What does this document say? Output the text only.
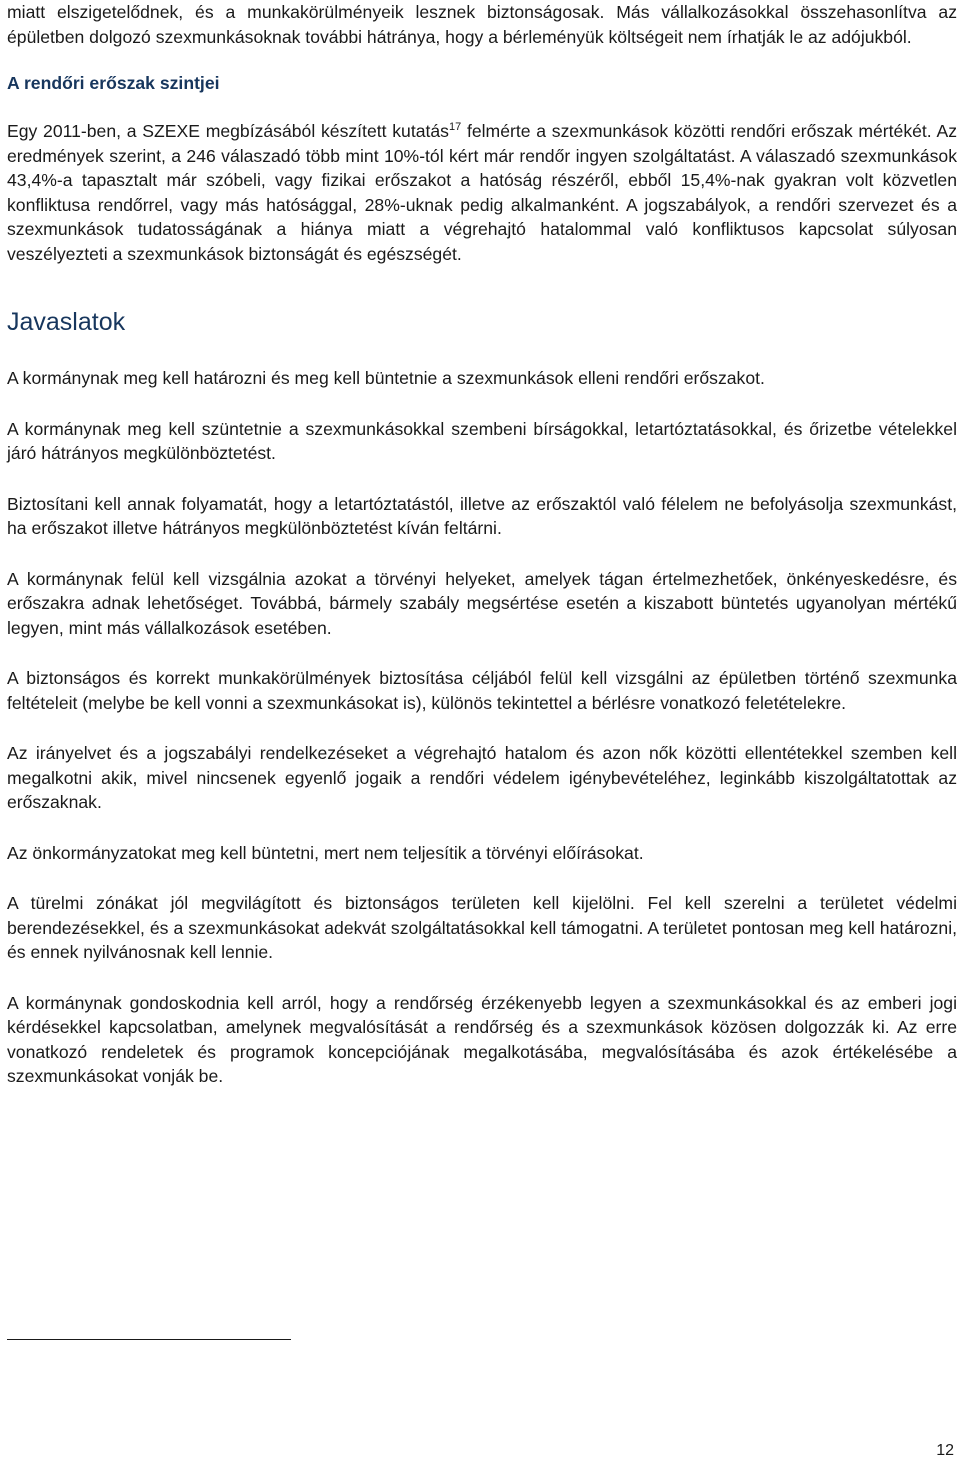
miatt elszigetelődnek, és a munkakörülményeik lesznek biztonságosak. Más vállalkozásokkal összehasonlítva az épületben dolgozó szexmunkásoknak további hátránya, hogy a bérleményük költségeit nem írhatják le az adójukból.

A rendőri erőszak szintjei

Egy 2011-ben, a SZEXE megbízásából készített kutatás$^{17}$ felmérte a szexmunkások közötti rendőri erőszak mértékét. Az eredmények szerint, a 246 válaszadó több mint 10%-tól kért már rendőr ingyen szolgáltatást. A válaszadó szexmunkások 43,4%-a tapasztalt már szóbeli, vagy fizikai erőszakot a hatóság részéről, ebből 15,4%-nak gyakran volt közvetlen konfliktusa rendőrrel, vagy más hatósággal, 28%-uknak pedig alkalmanként. A jogszabályok, a rendőri szervezet és a szexmunkások tudatosságának a hiánya miatt a végrehajtó hatalommal való konfliktusos kapcsolat súlyosan veszélyezteti a szexmunkások biztonságát és egészségét.

Javaslatok

A kormánynak meg kell határozni és meg kell büntetnie a szexmunkások elleni rendőri erőszakot.

A kormánynak meg kell szüntetnie a szexmunkásokkal szembeni bírságokkal, letartóztatásokkal, és őrizetbe vételekkel járó hátrányos megkülönböztetést.

Biztosítani kell annak folyamatát, hogy a letartóztatástól, illetve az erőszaktól való félelem ne befolyásolja szexmunkást, ha erőszakot illetve hátrányos megkülönböztetést kíván feltárni.

A kormánynak felül kell vizsgálnia azokat a törvényi helyeket, amelyek tágan értelmezhetőek, önkényeskedésre, és erőszakra adnak lehetőséget. Továbbá, bármely szabály megsértése esetén a kiszabott büntetés ugyanolyan mértékű legyen, mint más vállalkozások esetében.

A biztonságos és korrekt munkakörülmények biztosítása céljából felül kell vizsgálni az épületben történő szexmunka feltételeit (melybe be kell vonni a szexmunkásokat is), különös tekintettel a bérlésre vonatkozó feletételekre.

Az irányelvet és a jogszabályi rendelkezéseket a végrehajtó hatalom és azon nők közötti ellentétekkel szemben kell megalkotni akik, mivel nincsenek egyenlő jogaik a rendőri védelem igénybevételéhez, leginkább kiszolgáltatottak az erőszaknak.

Az önkormányzatokat meg kell büntetni, mert nem teljesítik a törvényi előírásokat.

A türelmi zónákat jól megvilágított és biztonságos területen kell kijelölni. Fel kell szerelni a területet védelmi berendezésekkel, és a szexmunkásokat adekvát szolgáltatásokkal kell támogatni. A területet pontosan meg kell határozni, és ennek nyilvánosnak kell lennie.

A kormánynak gondoskodnia kell arról, hogy a rendőrség érzékenyebb legyen a szexmunkásokkal és az emberi jogi kérdésekkel kapcsolatban, amelynek megvalósítását a rendőrség és a szexmunkások közösen dolgozzák ki. Az erre vonatkozó rendeletek és programok koncepciójának megalkotásába, megvalósításába és azok értékelésébe a szexmunkásokat vonják be.

12
